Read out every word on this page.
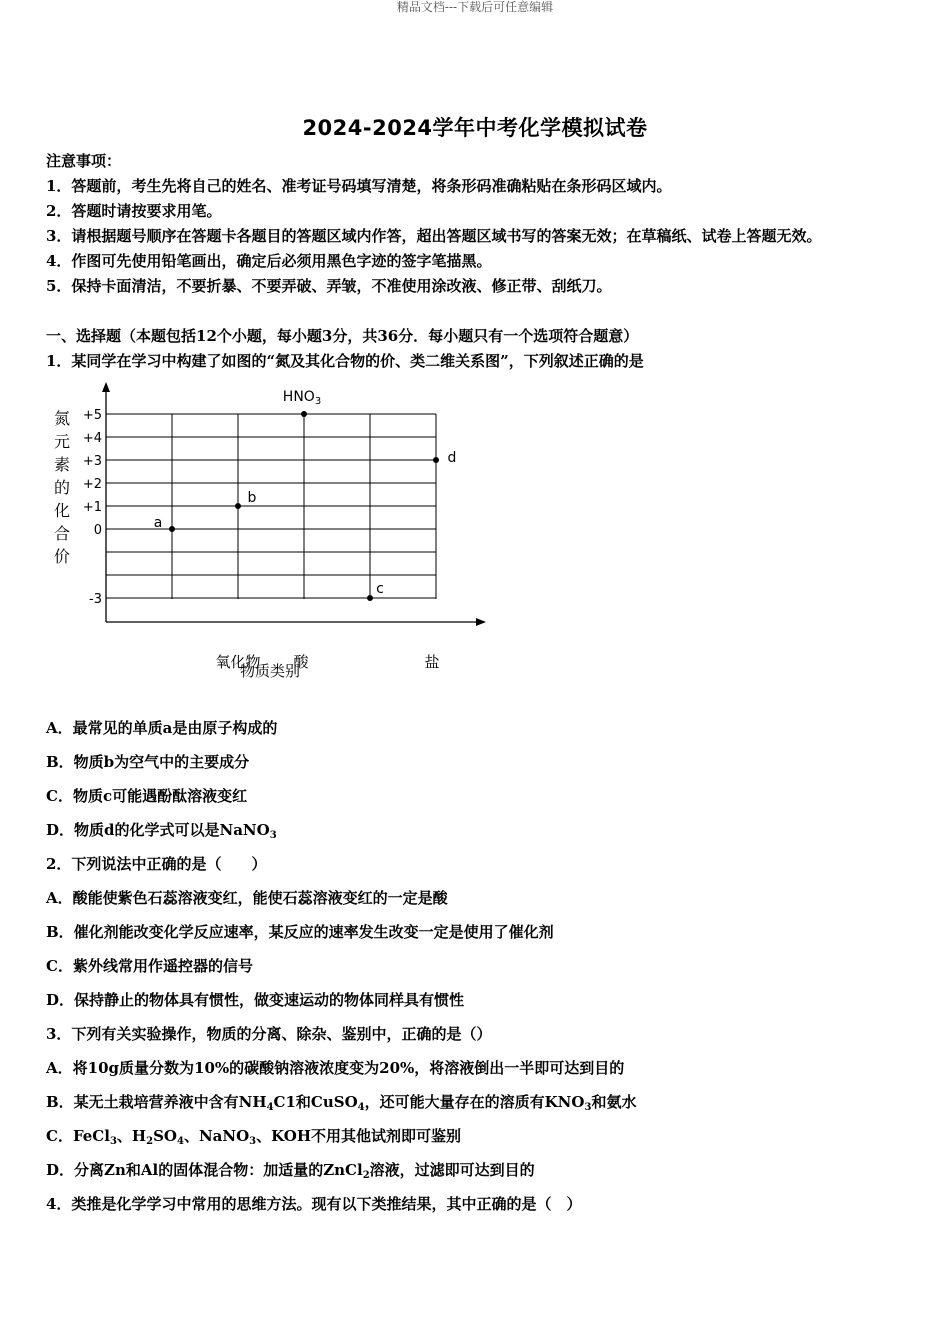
精品文档---下载后可任意编辑
2024-2024学年中考化学模拟试卷
注意事项：
1．答题前，考生先将自己的姓名、准考证号码填写清楚，将条形码准确粘贴在条形码区域内。
2．答题时请按要求用笔。
3．请根据题号顺序在答题卡各题目的答题区域内作答，超出答题区域书写的答案无效；在草稿纸、试卷上答题无效。
4．作图可先使用铅笔画出，确定后必须用黑色字迹的签字笔描黑。
5．保持卡面清洁，不要折暴、不要弄破、弄皱，不准使用涂改液、修正带、刮纸刀。
一、选择题（本题包括12个小题，每小题3分，共36分．每小题只有一个选项符合题意）
1．某同学在学习中构建了如图的“氮及其化合物的价、类二维关系图”，下列叙述正确的是
+5
+4
+3
+2
+1
0
-3
氧化物 酸	盐
a
b
$HNO_3$
c
d
氮
元
素
的
化
合
价
物质类别
A．最常见的单质a是由原子构成的
B．物质b为空气中的主要成分
C．物质c可能遇酚酞溶液变红
D．物质d的化学式可以是NaNO$_3$
2．下列说法中正确的是（　　）
A．酸能使紫色石蕊溶液变红，能使石蕊溶液变红的一定是酸
B．催化剂能改变化学反应速率，某反应的速率发生改变一定是使用了催化剂
C．紫外线常用作遥控器的信号
D．保持静止的物体具有惯性，做变速运动的物体同样具有惯性
3．下列有关实验操作，物质的分离、除杂、鉴别中，正确的是（）
A．将10g质量分数为10%的碳酸钠溶液浓度变为20%，将溶液倒出一半即可达到目的
B．某无土栽培营养液中含有$NH_4C1$和CuSO$_4$，还可能大量存在的溶质有$KNO_3$和氨水
C．FeCl$_3$、$H_2SO_4$、NaNO$_3$、KOH不用其他试剂即可鉴别
D．分离Zn和Al的固体混合物：加适量的ZnCl$_2$溶液，过滤即可达到目的
4．类推是化学学习中常用的思维方法。现有以下类推结果，其中正确的是（　）
